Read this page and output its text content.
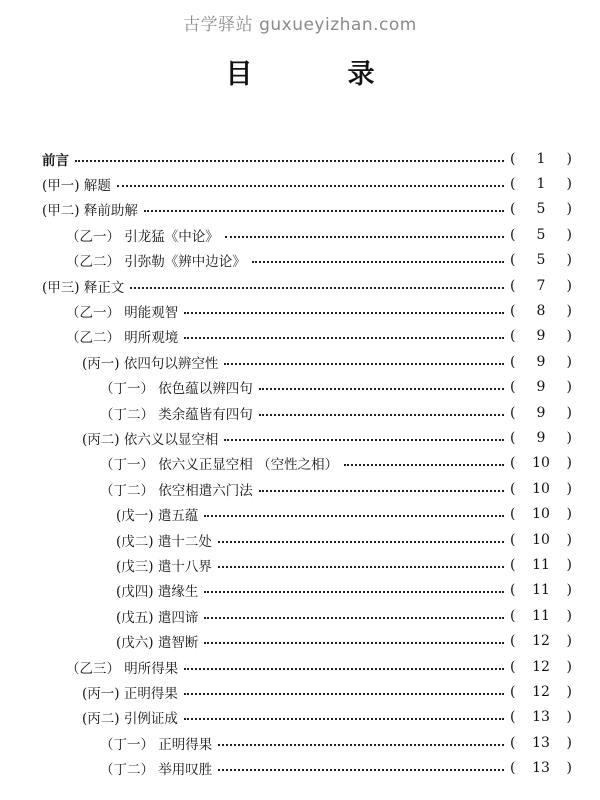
古学驿站 guxueyizhan.com
目　录
前言	( 1 )
(甲一) 解题	( 1 )
(甲二) 释前助解	( 5 )
（乙一） 引龙猛《中论》	( 5 )
（乙二） 引弥勒《辨中边论》	( 5 )
(甲三) 释正文	( 7 )
（乙一） 明能观智	( 8 )
（乙二） 明所观境	( 9 )
(丙一) 依四句以辨空性	( 9 )
（丁一） 依色蕴以辨四句	( 9 )
（丁二） 类余蕴皆有四句	( 9 )
(丙二) 依六义以显空相	( 9 )
（丁一） 依六义正显空相 （空性之相）	( 10 )
（丁二） 依空相遣六门法	( 10 )
(戊一) 遣五蕴	( 10 )
(戊二) 遣十二处	( 10 )
(戊三) 遣十八界	( 11 )
(戊四) 遣缘生	( 11 )
(戊五) 遣四谛	( 11 )
(戊六) 遣智断	( 12 )
（乙三） 明所得果	( 12 )
(丙一) 正明得果	( 12 )
(丙二) 引例证成	( 13 )
（丁一） 正明得果	( 13 )
（丁二） 举用叹胜	( 13 )
